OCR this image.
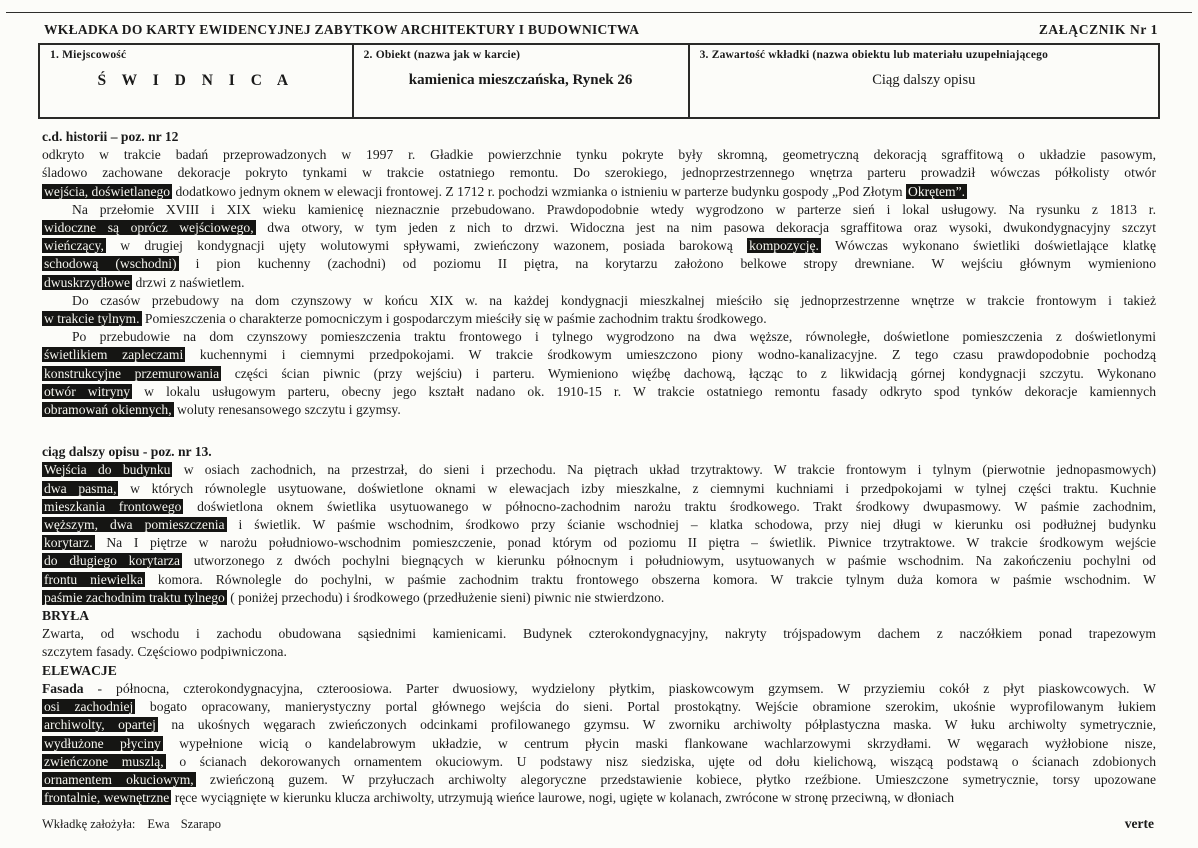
WKŁADKA DO KARTY EWIDENCYJNEJ ZABYTKOW ARCHITEKTURY I BUDOWNICTWA	ZAŁĄCZNIK Nr 1
1. Miejscowość
Ś W I D N I C A

2. Obiekt (nazwa jak w karcie)
kamienica mieszczańska, Rynek 26

3. Zawartość wkładki (nazwa obiektu lub materiału uzupełniającego
Ciąg dalszy opisu
c.d. historii – poz. nr 12
odkryto w trakcie badań przeprowadzonych w 1997 r. Gładkie powierzchnie tynku pokryte były skromną, geometryczną dekoracją sgraffitową o układzie pasowym,
śladowo zachowane dekoracje pokryto tynkami w trakcie ostatniego remontu. Do szerokiego, jednoprzestrzennego wnętrza parteru prowadził wówczas półkolisty otwór
wejścia, doświetlanego dodatkowo jednym oknem w elewacji frontowej. Z 1712 r. pochodzi wzmianka o istnieniu w parterze budynku gospody „Pod Złotym Okrętem”.
Na przełomie XVIII i XIX wieku kamienicę nieznacznie przebudowano. Prawdopodobnie wtedy wygrodzono w parterze sień i lokal usługowy. Na rysunku z 1813 r.
widoczne są oprócz wejściowego, dwa otwory, w tym jeden z nich to drzwi. Widoczna jest na nim pasowa dekoracja sgraffitowa oraz wysoki, dwukondygnacyjny szczyt
wieńczący, w drugiej kondygnacji ujęty wolutowymi spływami, zwieńczony wazonem, posiada barokową kompozycję. Wówczas wykonano świetliki doświetlające klatkę
schodową (wschodni) i pion kuchenny (zachodni) od poziomu II piętra, na korytarzu założono belkowe stropy drewniane. W wejściu głównym wymieniono
dwuskrzydłowe drzwi z naświetlem.
Do czasów przebudowy na dom czynszowy w końcu XIX w. na każdej kondygnacji mieszkalnej mieściło się jednoprzestrzenne wnętrze w trakcie frontowym i takież
w trakcie tylnym. Pomieszczenia o charakterze pomocniczym i gospodarczym mieściły się w paśmie zachodnim traktu środkowego.
Po przebudowie na dom czynszowy pomieszczenia traktu frontowego i tylnego wygrodzono na dwa węższe, równoległe, doświetlone pomieszczenia z doświetlonymi
świetlikiem zapleczami kuchennymi i ciemnymi przedpokojami. W trakcie środkowym umieszczono piony wodno-kanalizacyjne. Z tego czasu prawdopodobnie pochodzą
konstrukcyjne przemurowania części ścian piwnic (przy wejściu) i parteru. Wymieniono więźbę dachową, łącząc to z likwidacją górnej kondygnacji szczytu. Wykonano
otwór witryny w lokalu usługowym parteru, obecny jego kształt nadano ok. 1910-15 r. W trakcie ostatniego remontu fasady odkryto spod tynków dekoracje kamiennych
obramowań okiennych, woluty renesansowego szczytu i gzymsy.
ciąg dalszy opisu - poz. nr 13.
Wejścia do budynku w osiach zachodnich, na przestrzał, do sieni i przechodu. Na piętrach układ trzytraktowy. W trakcie frontowym i tylnym (pierwotnie jednopasmowych)
dwa pasma, w których równolegle usytuowane, doświetlone oknami w elewacjach izby mieszkalne, z ciemnymi kuchniami i przedpokojami w tylnej części traktu. Kuchnie
mieszkania frontowego doświetlona oknem świetlika usytuowanego w północno-zachodnim narożu traktu środkowego. Trakt środkowy dwupasmowy. W paśmie zachodnim,
węższym, dwa pomieszczenia i świetlik. W paśmie wschodnim, środkowo przy ścianie wschodniej – klatka schodowa, przy niej długi w kierunku osi podłużnej budynku
korytarz. Na I piętrze w narożu południowo-wschodnim pomieszczenie, ponad którym od poziomu II piętra – świetlik. Piwnice trzytraktowe. W trakcie środkowym wejście
do długiego korytarza utworzonego z dwóch pochylni biegnących w kierunku północnym i południowym, usytuowanych w paśmie wschodnim. Na zakończeniu pochylni od
frontu niewielka komora. Równolegle do pochylni, w paśmie zachodnim traktu frontowego obszerna komora. W trakcie tylnym duża komora w paśmie wschodnim. W
paśmie zachodnim traktu tylnego ( poniżej przechodu) i środkowego (przedłużenie sieni) piwnic nie stwierdzono.
BRYŁA
Zwarta, od wschodu i zachodu obudowana sąsiednimi kamienicami. Budynek czterokondygnacyjny, nakryty trójspadowym dachem z naczółkiem ponad trapezowym
szczytem fasady. Częściowo podpiwniczona.
ELEWACJE
Fasada - północna, czterokondygnacyjna, czteroosiowa. Parter dwuosiowy, wydzielony płytkim, piaskowcowym gzymsem. W przyziemiu cokół z płyt piaskowcowych. W
osi zachodniej bogato opracowany, manierystyczny portal głównego wejścia do sieni. Portal prostokątny. Wejście obramione szerokim, ukośnie wyprofilowanym łukiem
archiwolty, opartej na ukośnych węgarach zwieńczonych odcinkami profilowanego gzymsu. W zworniku archiwolty półplastyczna maska. W łuku archiwolty symetrycznie,
wydłużone płyciny wypełnione wicią o kandelabrowym układzie, w centrum płycin maski flankowane wachlarzowymi skrzydłami. W węgarach wyżłobione nisze,
zwieńczone muszlą, o ścianach dekorowanych ornamentem okuciowym. U podstawy nisz siedziska, ujęte od dołu kielichową, wiszącą podstawą o ścianach zdobionych
ornamentem okuciowym, zwieńczoną guzem. W przyłuczach archiwolty alegoryczne przedstawienie kobiece, płytko rzeźbione. Umieszczone symetrycznie, torsy upozowane
frontalnie, wewnętrzne ręce wyciągnięte w kierunku klucza archiwolty, utrzymują wieńce laurowe, nogi, ugięte w kolanach, zwrócone w stronę przeciwną, w dłoniach
Wkładkę założyła: Ewa Szarapo	verte
